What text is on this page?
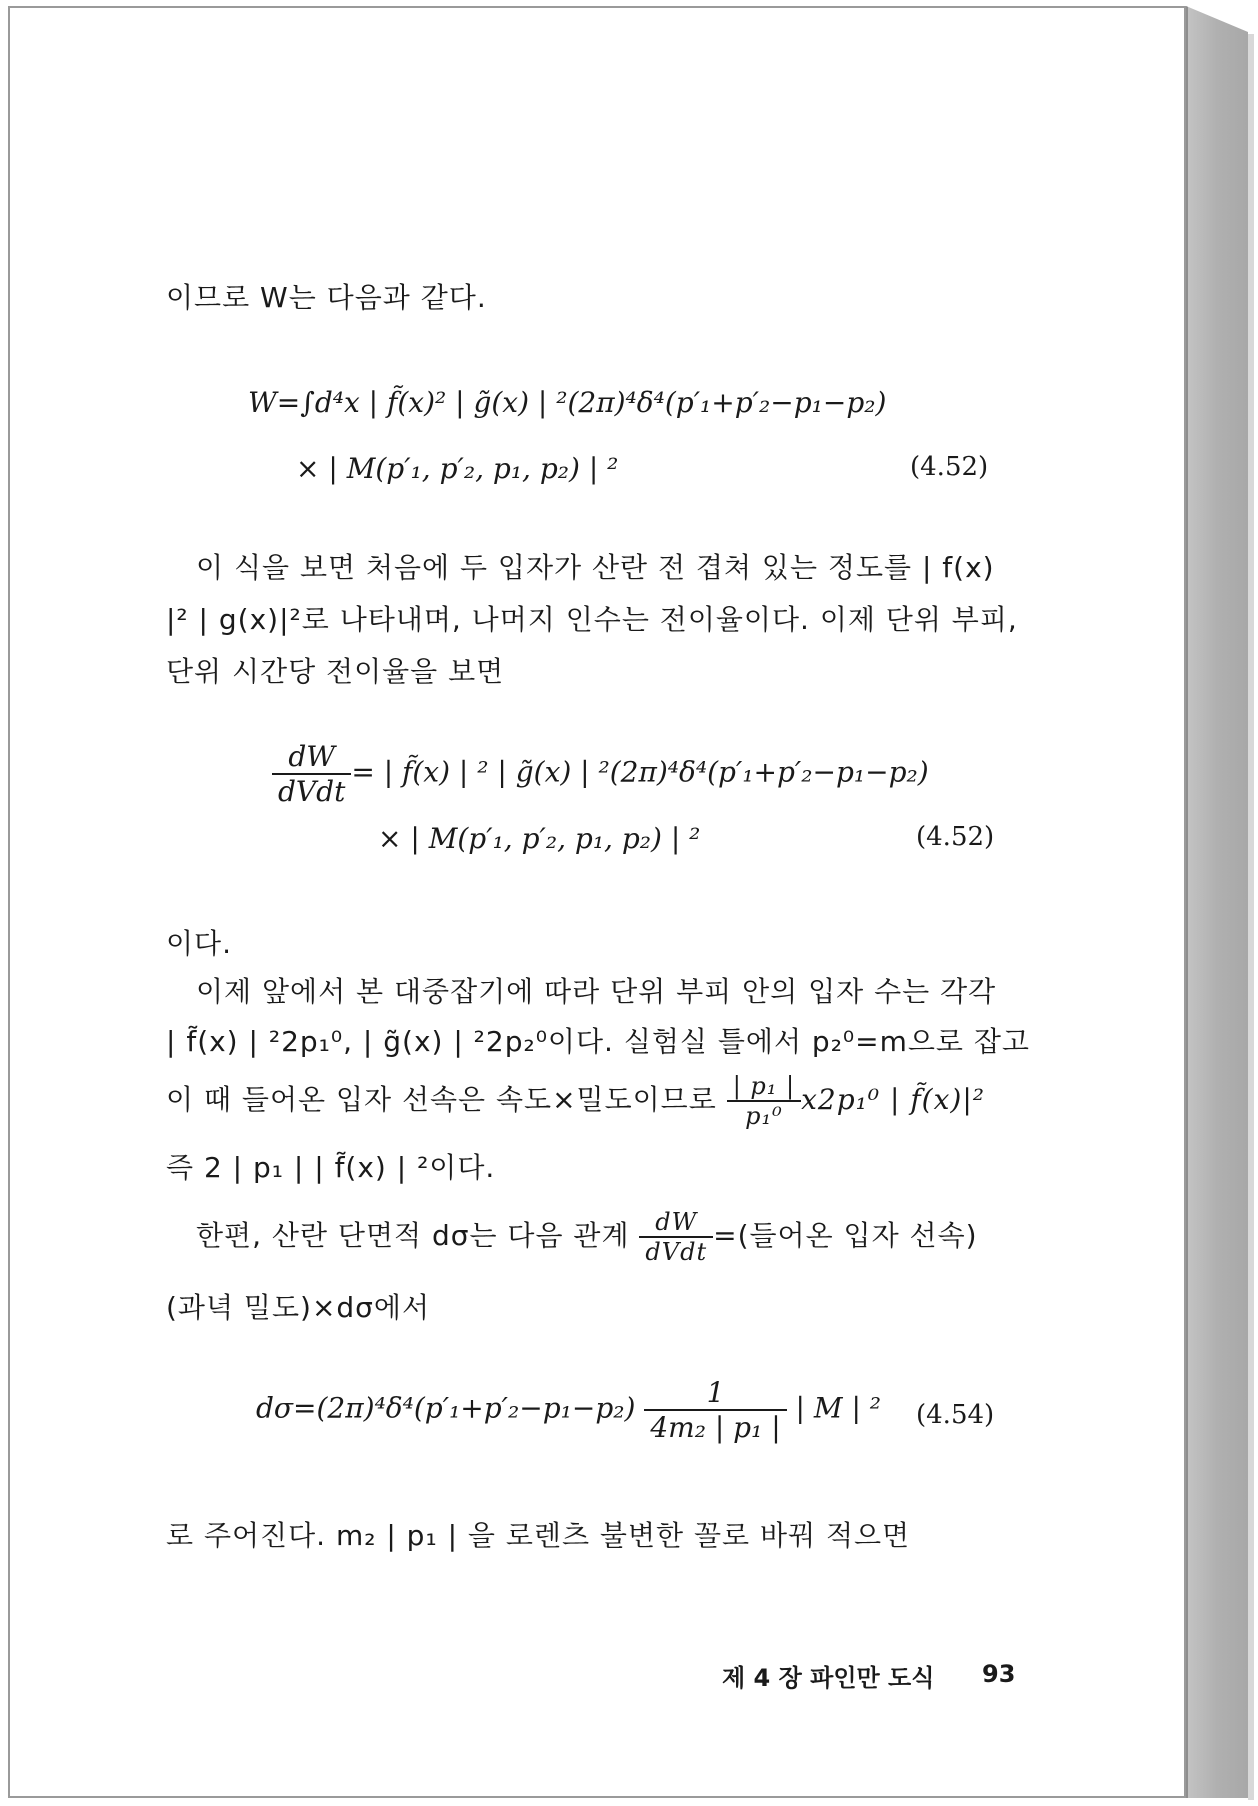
이므로 W는 다음과 같다.
W=∫d⁴x | f̃(x)² | g̃(x) | ²(2π)⁴δ⁴(p′₁+p′₂−p₁−p₂)
× | M(p′₁, p′₂, p₁, p₂) | ²	(4.52)
이 식을 보면 처음에 두 입자가 산란 전 겹쳐 있는 정도를 | f(x)
|² | g(x)|²로 나타내며, 나머지 인수는 전이율이다. 이제 단위 부피,
단위 시간당 전이율을 보면
$\frac{dW}{\text{dVdt}}$ = | f̃(x) | ² | g̃(x) | ²(2π)⁴δ⁴(p′₁+p′₂−p₁−p₂)
× | M(p′₁, p′₂, p₁, p₂) | ²	(4.52)
이다.
이제 앞에서 본 대중잡기에 따라 단위 부피 안의 입자 수는 각각
| f̃(x) | ²2p₁⁰, | g̃(x) | ²2p₂⁰이다. 실험실 틀에서 p₂⁰=m으로 잡고
이 때 들어온 입자 선속은 속도×밀도이므로 $\frac{\text{| p₁ |}}{\text{p₁⁰}} x2p_1^0$ | f̃(x)|²
즉 2 | p₁ | | f̃(x) | ²이다.
한편, 산란 단면적 dσ는 다음 관계 $\frac{dW}{\text{dVdt}}$ =(들어온 입자 선속)
(과녁 밀도)×dσ에서
$d\sigma=(2\pi)^4\delta^4(p'_1+p'_2-p_1-p_2) \frac{1}{\text{4m₂ | p₁ |}}$ | M | ² (4.54)
로 주어진다. m₂ | p₁ | 을 로렌츠 불변한 꼴로 바꿔 적으면
제 4 장 파인만 도식 93
